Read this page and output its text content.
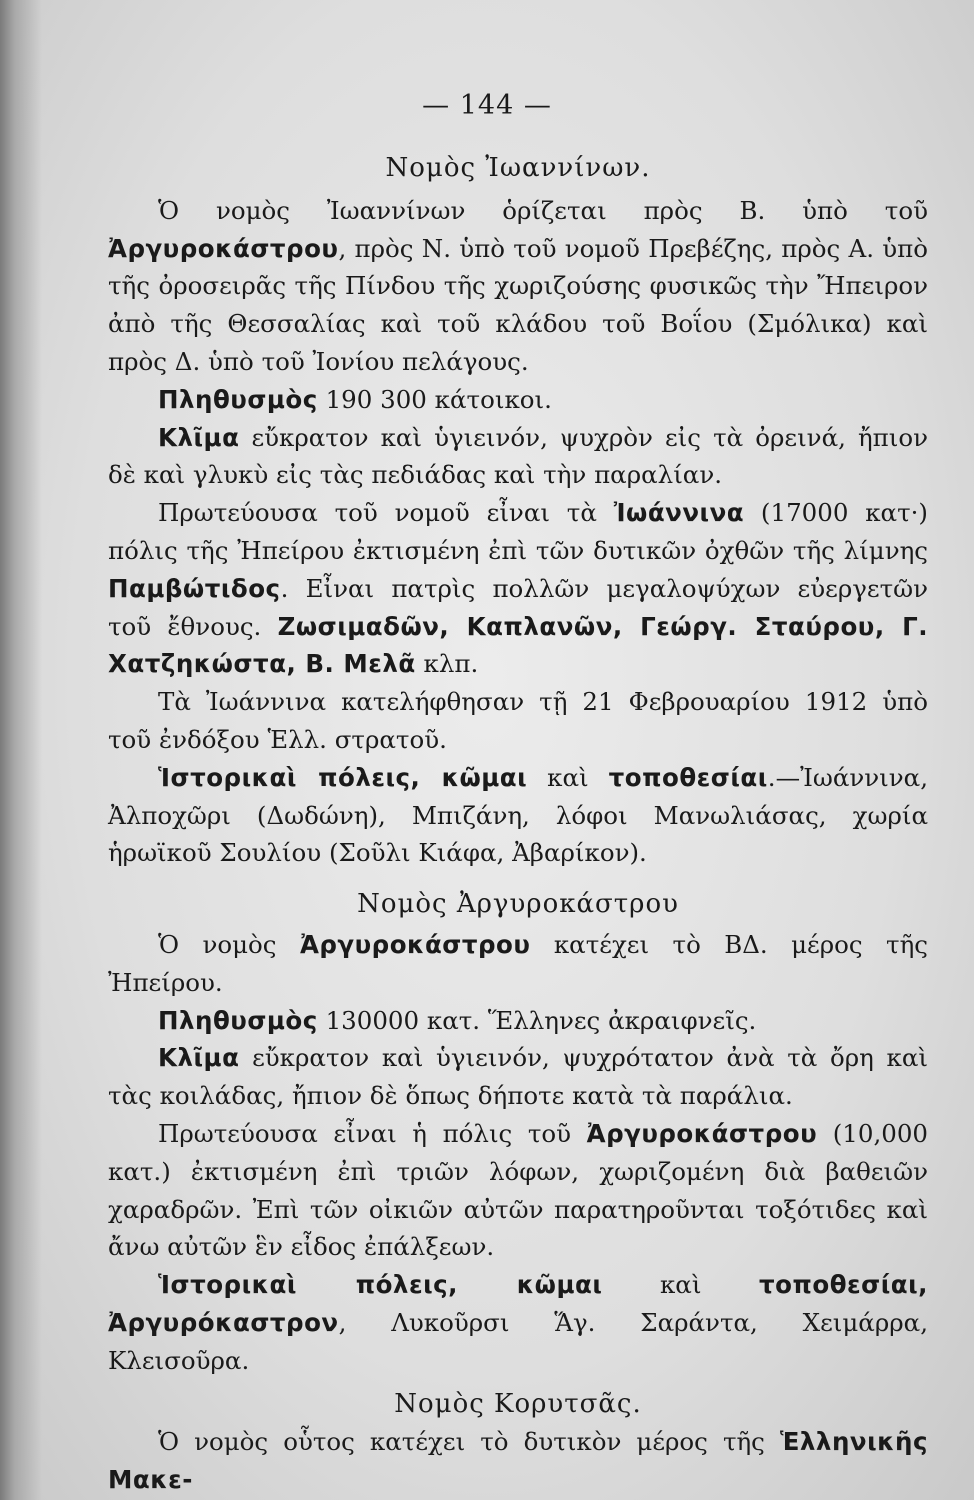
— 144 —

Νομὸς Ἰωαννίνων.

Ὁ νομὸς Ἰωαννίνων ὁρίζεται πρὸς Β. ὑπὸ τοῦ Ἀργυροκάστρου, πρὸς Ν. ὑπὸ τοῦ νομοῦ Πρεβέζης, πρὸς Α. ὑπὸ τῆς ὀροσειρᾶς τῆς Πίνδου τῆς χωριζούσης φυσικῶς τὴν Ἤπειρον ἀπὸ τῆς Θεσσαλίας καὶ τοῦ κλάδου τοῦ Βοΐου (Σμόλικα) καὶ πρὸς Δ. ὑπὸ τοῦ Ἰονίου πελάγους.

Πληθυσμὸς 190 300 κάτοικοι.

Κλῖμα εὔκρατον καὶ ὑγιεινόν, ψυχρὸν εἰς τὰ ὀρεινά, ἤπιον δὲ καὶ γλυκὺ εἰς τὰς πεδιάδας καὶ τὴν παραλίαν.

Πρωτεύουσα τοῦ νομοῦ εἶναι τὰ Ἰωάννινα (17000 κατ·) πόλις τῆς Ἠπείρου ἐκτισμένη ἐπὶ τῶν δυτικῶν ὀχθῶν τῆς λίμνης Παμβώτιδος. Εἶναι πατρὶς πολλῶν μεγαλοψύχων εὐεργετῶν τοῦ ἔθνους. Ζωσιμαδῶν, Καπλανῶν, Γεώργ. Σταύρου, Γ. Χατζηκώστα, Β. Μελᾶ κλπ.

Τὰ Ἰωάννινα κατελήφθησαν τῇ 21 Φεβρουαρίου 1912 ὑπὸ τοῦ ἐνδόξου Ἑλλ. στρατοῦ.

Ἱστορικαὶ πόλεις, κῶμαι καὶ τοποθεσίαι.—Ἰωάννινα, Ἀλποχῶρι (Δωδώνη), Μπιζάνη, λόφοι Μανωλιάσας, χωρία ἡρωϊκοῦ Σουλίου (Σοῦλι Κιάφα, Ἀβαρίκον).

Νομὸς Ἀργυροκάστρου

Ὁ νομὸς Ἀργυροκάστρου κατέχει τὸ ΒΔ. μέρος τῆς Ἠπείρου.

Πληθυσμὸς 130000 κατ. Ἕλληνες ἀκραιφνεῖς.

Κλῖμα εὔκρατον καὶ ὑγιεινόν, ψυχρότατον ἀνὰ τὰ ὄρη καὶ τὰς κοιλάδας, ἤπιον δὲ ὅπως δήποτε κατὰ τὰ παράλια.

Πρωτεύουσα εἶναι ἡ πόλις τοῦ Ἀργυροκάστρου (10,000 κατ.) ἐκτισμένη ἐπὶ τριῶν λόφων, χωριζομένη διὰ βαθειῶν χαραδρῶν. Ἐπὶ τῶν οἰκιῶν αὐτῶν παρατηροῦνται τοξότιδες καὶ ἄνω αὐτῶν ἓν εἶδος ἐπάλξεων.

Ἱστορικαὶ πόλεις, κῶμαι καὶ τοποθεσίαι, Ἀργυρόκαστρον, Λυκοῦρσι Ἅγ. Σαράντα, Χειμάρρα, Κλεισοῦρα.

Νομὸς Κορυτσᾶς.

Ὁ νομὸς οὗτος κατέχει τὸ δυτικὸν μέρος τῆς Ἑλληνικῆς Μακε-
